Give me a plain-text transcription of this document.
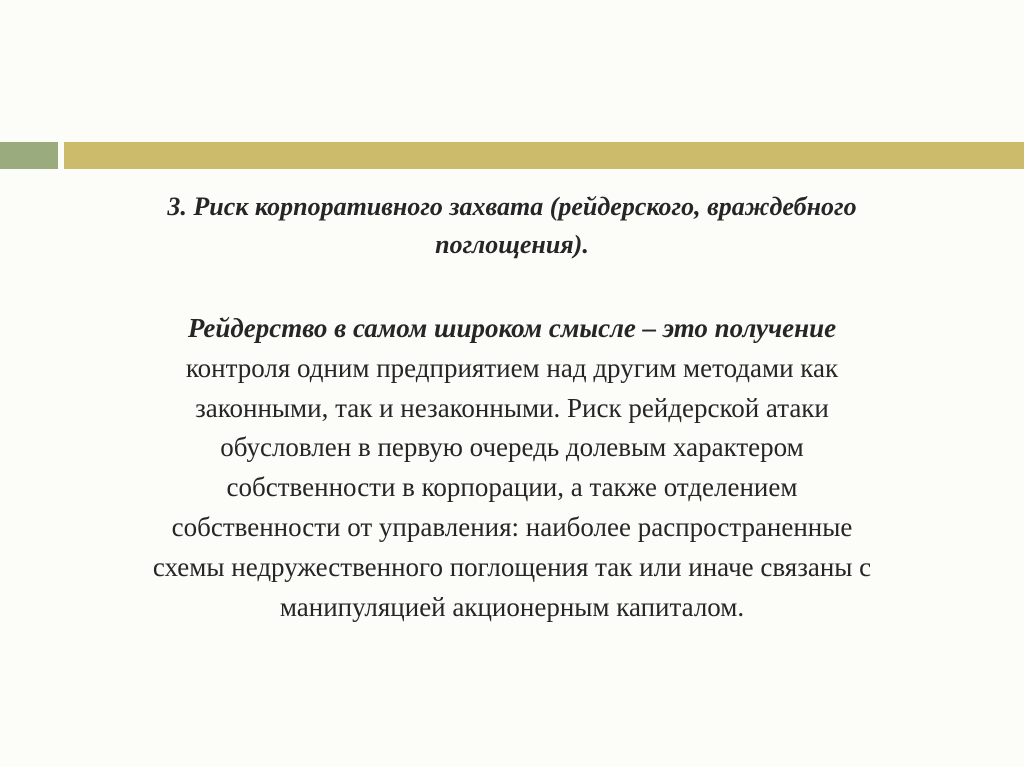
3. Риск корпоративного захвата (рейдерского, враждебного
поглощения).

Рейдерство в самом широком смысле – это получение
контроля одним предприятием над другим методами как
законными, так и незаконными. Риск рейдерской атаки
обусловлен в первую очередь долевым характером
собственности в корпорации, а также отделением
собственности от управления: наиболее распространенные
схемы недружественного поглощения так или иначе связаны с
манипуляцией акционерным капиталом.
